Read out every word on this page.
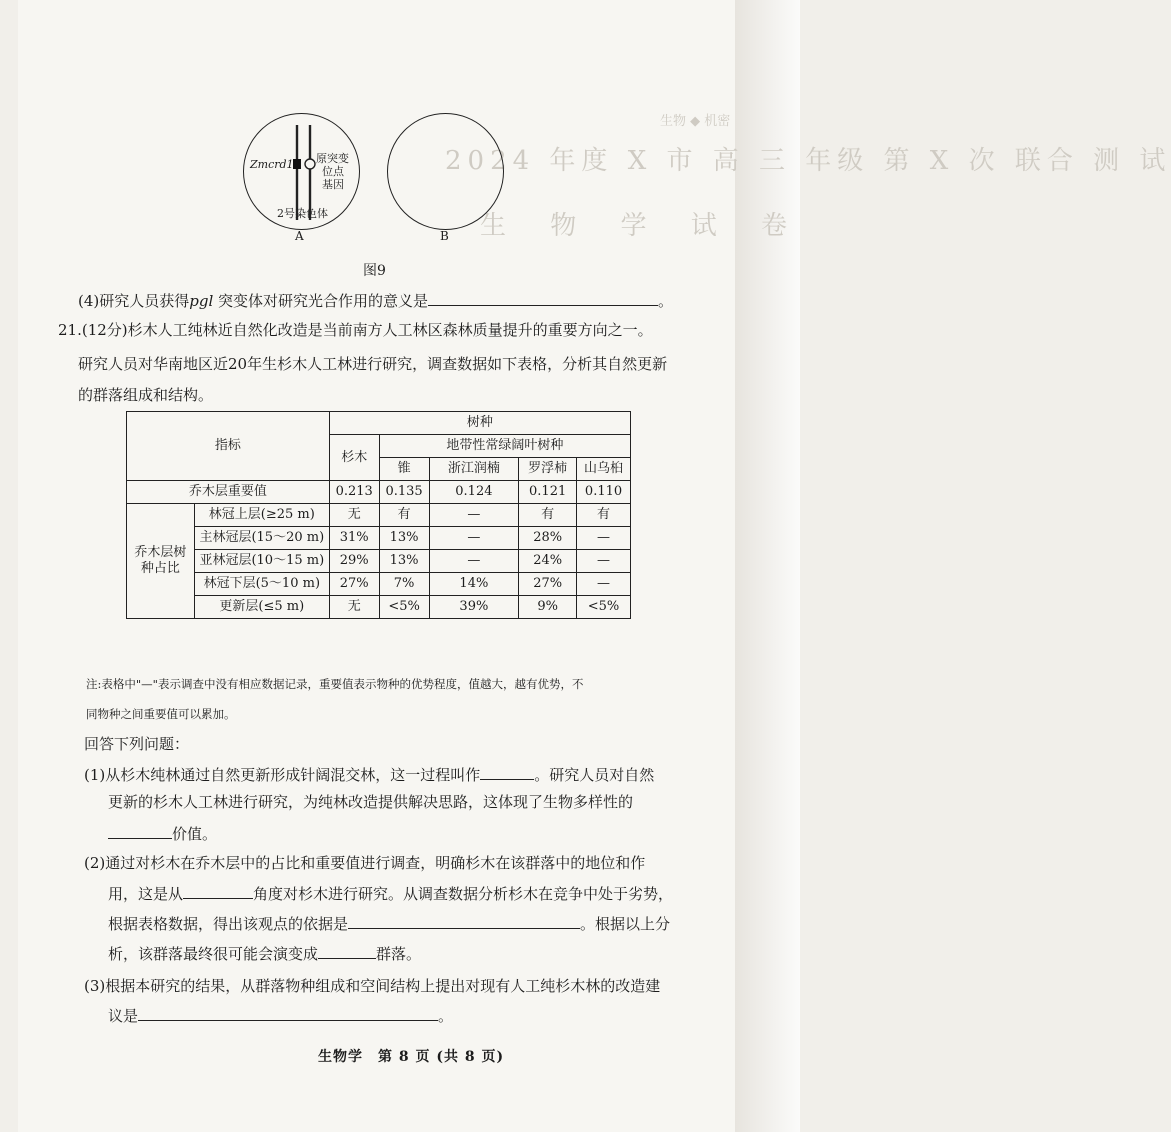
生物 ◆ 机密
2024 年度 X 市 高 三 年级 第 X 次 联合 测 试
生 物 学 试 卷
Zmcrd1 原突变
位点
基因
2号染色体
A	B
图9
(4)研究人员获得pgl 突变体对研究光合作用的意义是	。
21.(12分)杉木人工纯林近自然化改造是当前南方人工林区森林质量提升的重要方向之一。
研究人员对华南地区近20年生杉木人工林进行研究，调查数据如下表格，分析其自然更新
的群落组成和结构。
指标		树种				
		杉木	地带性常绿阔叶树种			
			锥	浙江润楠	罗浮柿	山乌桕
乔木层重要值		0.213	0.135	0.124	0.121	0.110

乔木层树
种占比	林冠上层(≥25 m)	无	有	—	有	有
	主林冠层(15～20 m)	31%	13%	—	28%	—
	亚林冠层(10～15 m)	29%	13%	—	24%	—
	林冠下层(5～10 m)	27%	7%	14%	27%	—
	更新层(≤5 m)	无	<5%	39%	9%	<5%
注:表格中"—"表示调查中没有相应数据记录，重要值表示物种的优势程度，值越大，越有优势，不
同物种之间重要值可以累加。
回答下列问题：
(1)从杉木纯林通过自然更新形成针阔混交林，这一过程叫作	。研究人员对自然
更新的杉木人工林进行研究，为纯林改造提供解决思路，这体现了生物多样性的
价值。
(2)通过对杉木在乔木层中的占比和重要值进行调查，明确杉木在该群落中的地位和作
用，这是从	角度对杉木进行研究。从调查数据分析杉木在竞争中处于劣势，
根据表格数据，得出该观点的依据是	。根据以上分
析，该群落最终很可能会演变成	群落。
(3)根据本研究的结果，从群落物种组成和空间结构上提出对现有人工纯杉木林的改造建
议是	。
生物学　第 8 页 (共 8 页)
